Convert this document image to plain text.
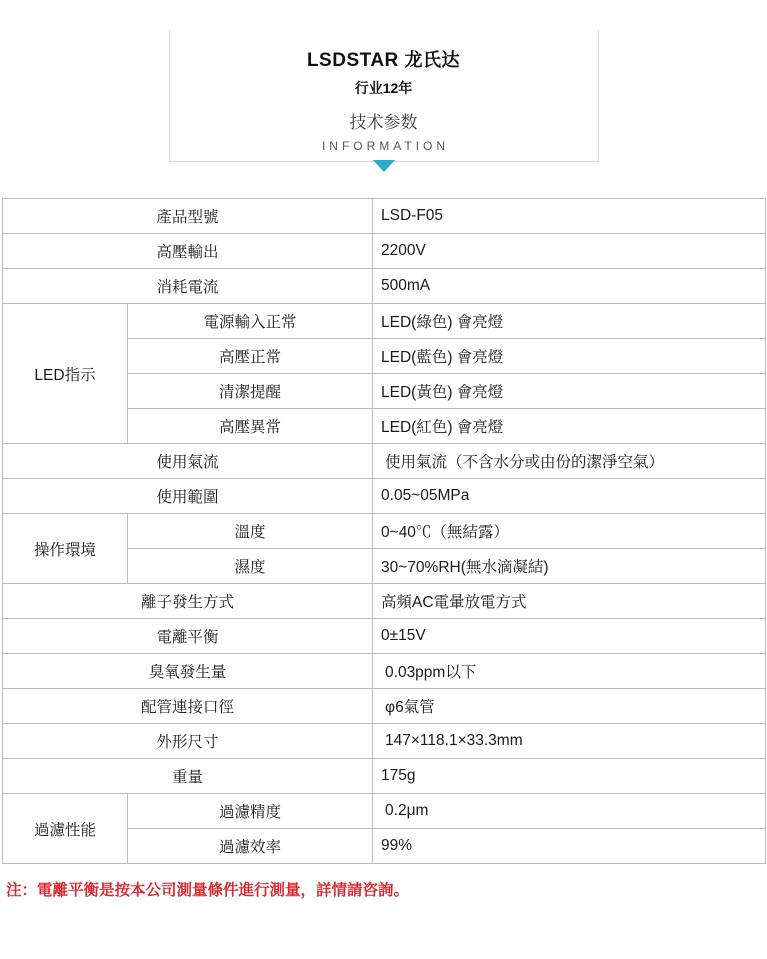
LSDSTAR 龙氏达
行业12年
技术参数
INFORMATION
產品型號		LSD-F05
高壓輸出		2200V
消耗電流		500mA
LED指示	電源輸入正常	LED(綠色) 會亮燈
	高壓正常	LED(藍色) 會亮燈
	清潔提醒	LED(黃色) 會亮燈
	高壓異常	LED(紅色) 會亮燈
使用氣流		使用氣流（不含水分或由份的潔淨空氣）
使用範圍		0.05~05MPa
操作環境	溫度	0~40℃（無結露）
	濕度	30~70%RH(無水滴凝結)
離子發生方式		高頻AC電暈放電方式
電離平衡		0±15V
臭氧發生量		0.03ppm以下
配管連接口徑		φ6氣管
外形尺寸		147×118.1×33.3mm
重量		175g
過濾性能	過濾精度	0.2μm
	過濾效率	99%
注：電離平衡是按本公司測量條件進行測量，詳情請咨詢。
